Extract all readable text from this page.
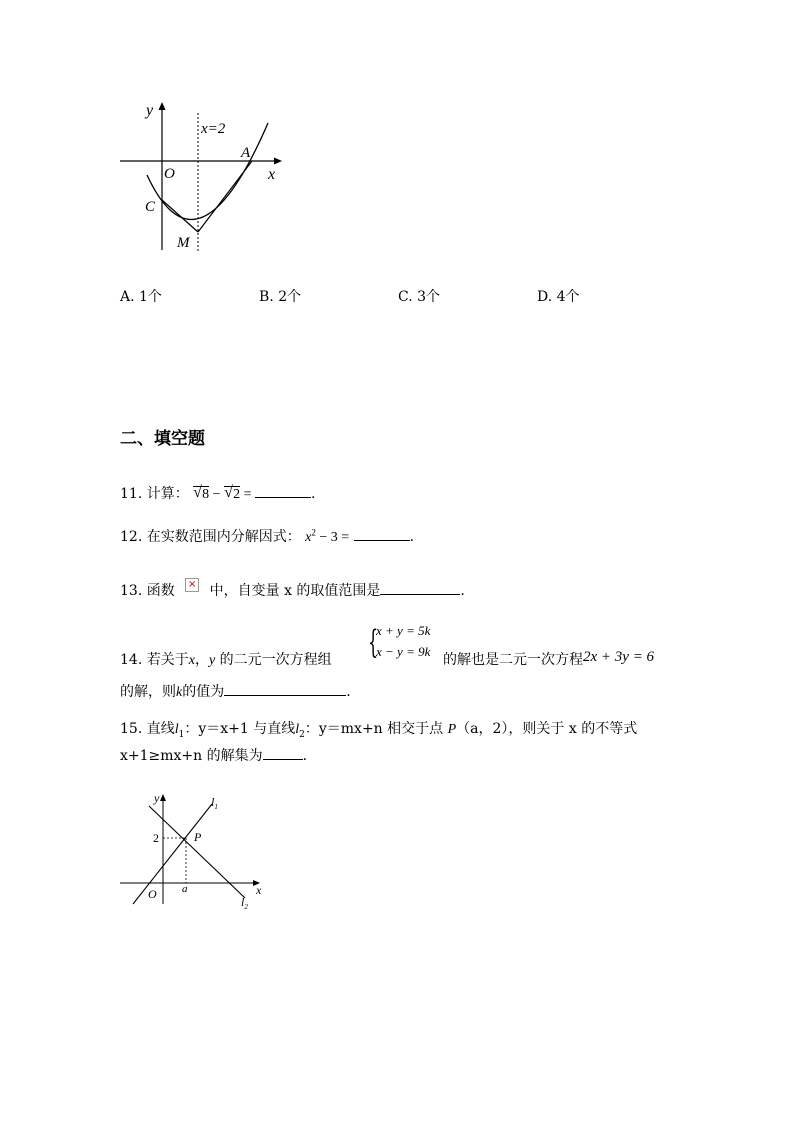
y
x
O
x=2
A
C
M
A. 1个	B. 2个	C. 3个	D. 4个
二、填空题
11. 计算： √ 8 − √ 2 =	.
12. 在实数范围内分解因式： $x^2 - 3$ =	.
13. 函数 × 中，自变量 x 的取值范围是	.
14. 若关于x，y 的二元一次方程组 {
x + y = 5k
x − y = 9k
的解也是二元一次方程2x + 3y = 6
的解，则k的值为	.
15. 直线$l_1$：y＝x+1 与直线$l_2$：y＝mx+n 相交于点 P（a，2），则关于 x 的不等式
x+1≥mx+n 的解集为	.
y
x
O
2
a
P
$l_1$
$l_2$
